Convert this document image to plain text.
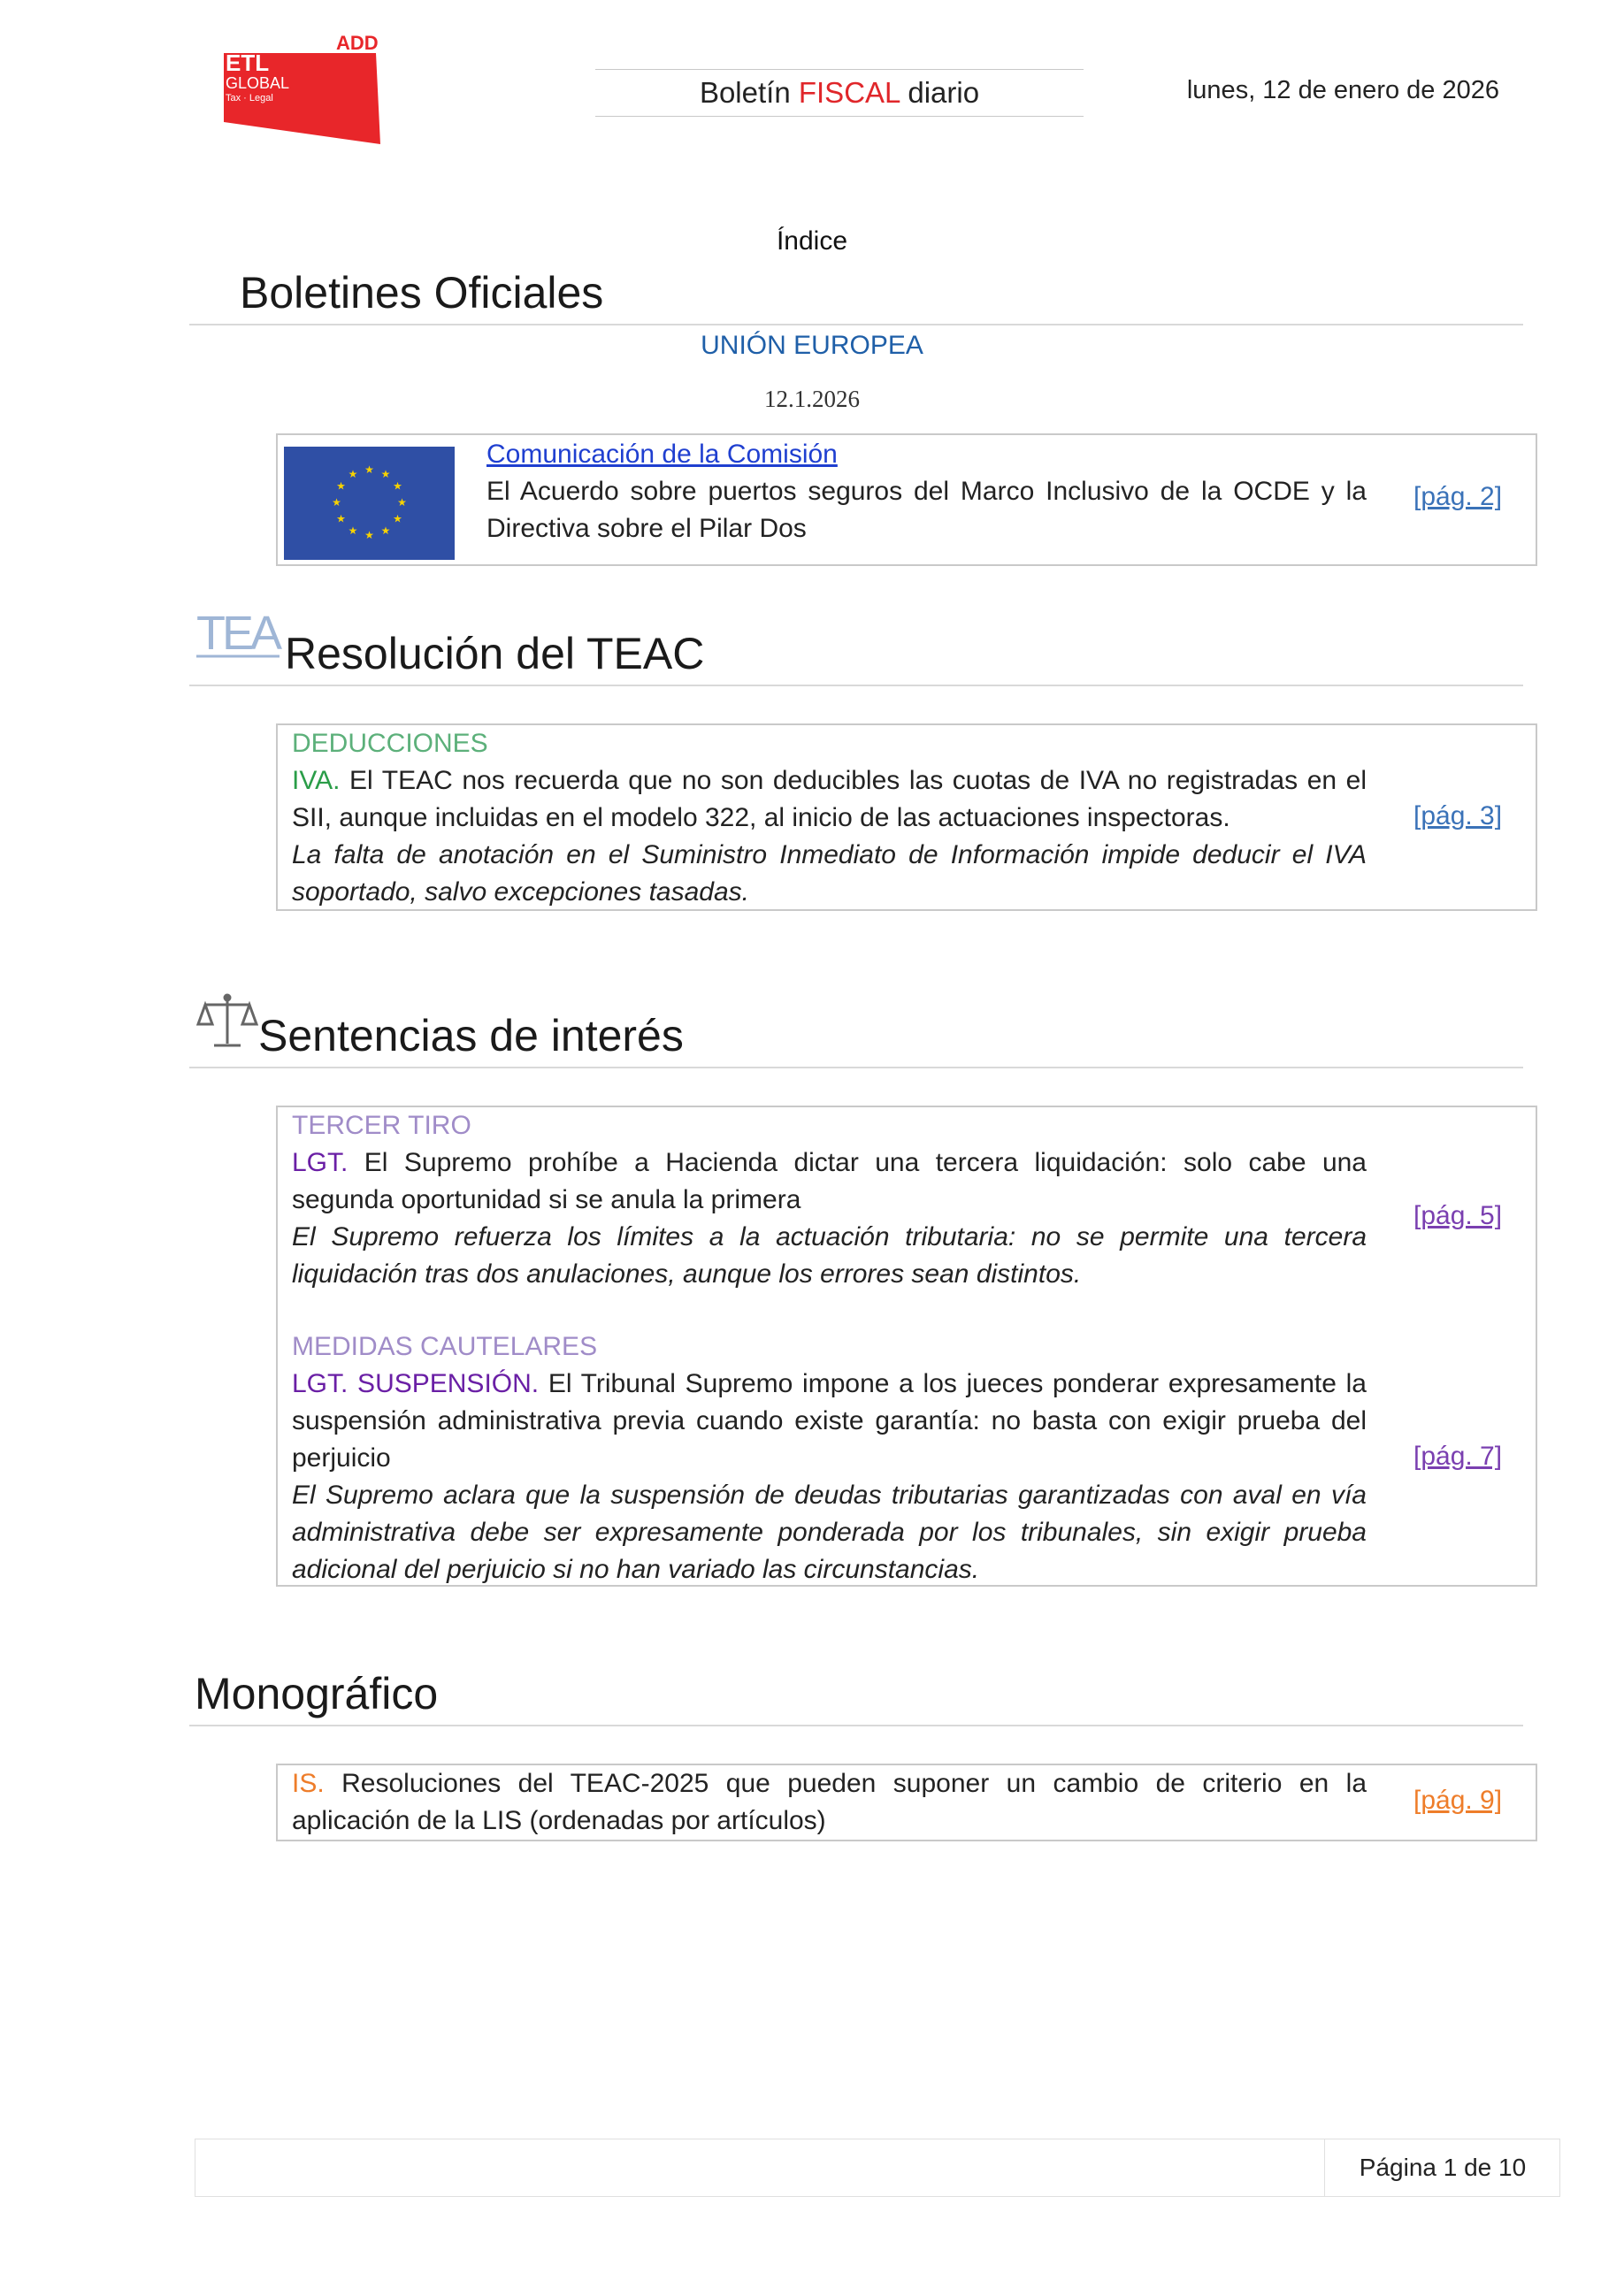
ADD
ETL
GLOBAL
Tax · Legal	Boletín FISCAL diario	lunes, 12 de enero de 2026
Índice
Boletines Oficiales
UNIÓN EUROPEA
12.1.2026
★ ★
★
★
★
★
★
★
★
★
★
★
Comunicación de la Comisión
El Acuerdo sobre puertos seguros del Marco Inclusivo de la OCDE y la Directiva sobre el Pilar Dos
[pág. 2]
TEA Resolución del TEAC
DEDUCCIONES
IVA. El TEAC nos recuerda que no son deducibles las cuotas de IVA no registradas en el SII, aunque incluidas en el modelo 322, al inicio de las actuaciones inspectoras.
La falta de anotación en el Suministro Inmediato de Información impide deducir el IVA soportado, salvo excepciones tasadas.
[pág. 3]
Sentencias de interés
TERCER TIRO
LGT. El Supremo prohíbe a Hacienda dictar una tercera liquidación: solo cabe una segunda oportunidad si se anula la primera
El Supremo refuerza los límites a la actuación tributaria: no se permite una tercera liquidación tras dos anulaciones, aunque los errores sean distintos.
[pág. 5]
MEDIDAS CAUTELARES
LGT. SUSPENSIÓN. El Tribunal Supremo impone a los jueces ponderar expresamente la suspensión administrativa previa cuando existe garantía: no basta con exigir prueba del perjuicio
El Supremo aclara que la suspensión de deudas tributarias garantizadas con aval en vía administrativa debe ser expresamente ponderada por los tribunales, sin exigir prueba adicional del perjuicio si no han variado las circunstancias.
[pág. 7]
Monográfico
IS. Resoluciones del TEAC-2025 que pueden suponer un cambio de criterio en la aplicación de la LIS (ordenadas por artículos)
[pág. 9]
Página 1 de 10
